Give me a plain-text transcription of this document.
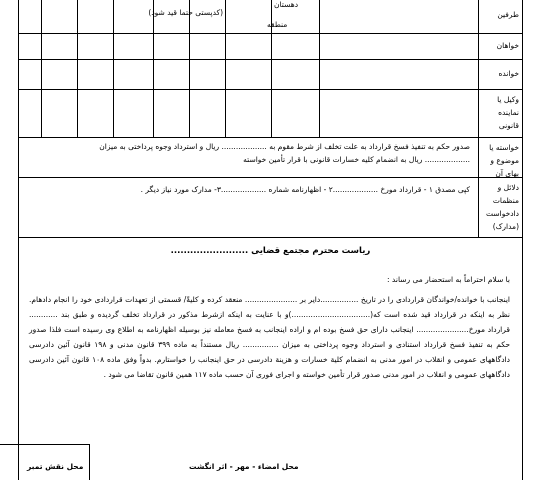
طرفین
(کدپستی حتما قید شود)
دهستان
منطقه
خواهان
خوانده
وکیل یا نماینده قانونی
خواسته یا موضوع و بهای آن
صدور حکم به تنفیذ فسخ قرارداد به علت تخلف از شرط مقوم به ................... ریال و استرداد وجوه پرداختی به میزان
................... ریال به انضمام کلیه خسارات قانونی با قرار تأمین خواسته
دلائل و منظمات دادخواست (مدارک)
کپی مصدق ۱ - قرارداد مورخ ...................۲ - اظهارنامه شماره ...................۳- مدارک مورد نیاز دیگر .
ریاست محترم مجتمع قضایی ........................

با سلام احتراماً به استحضار می رساند :

اینجانب با خوانده/خواندگان قراردادی را در تاریخ ................دایر بر ...................... منعقد کرده و کلیةً/ قسمتی از تعهدات قراردادی خود را انجام دادهام. نظر به اینکه در قرارداد قید شده است که(.................................)و با عنایت به اینکه ازشرط مذکور در قرارداد تخلف گردیده و طبق بند ............ قرارداد مورخ...................... اینجانب دارای حق فسخ بوده ام و اراده اینجانب به فسخ معامله نیز بوسیله اظهارنامه به اطلاع وی رسیده است فلذا صدور حکم به تنفیذ فسخ قرارداد استنادی و استرداد وجوه پرداختی به میزان ............... ریال مستنداً به ماده ۳۹۹ قانون مدنی و ۱۹۸ قانون آئین دادرسی دادگاههای عمومی و انقلاب در امور مدنی به انضمام کلیة خسارات و هزینة دادرسی در حق اینجانب را خواستارم. بدواً وفق ماده ۱۰۸ قانون آئین دادرسی دادگاههای عمومی و انقلاب در امور مدنی صدور قرار تأمین خواسته و اجرای فوری آن حسب ماده ۱۱۷ همین قانون تقاضا می شود .

محل امضاء - مهر - اثر انگشت
محل نقش تمبر
